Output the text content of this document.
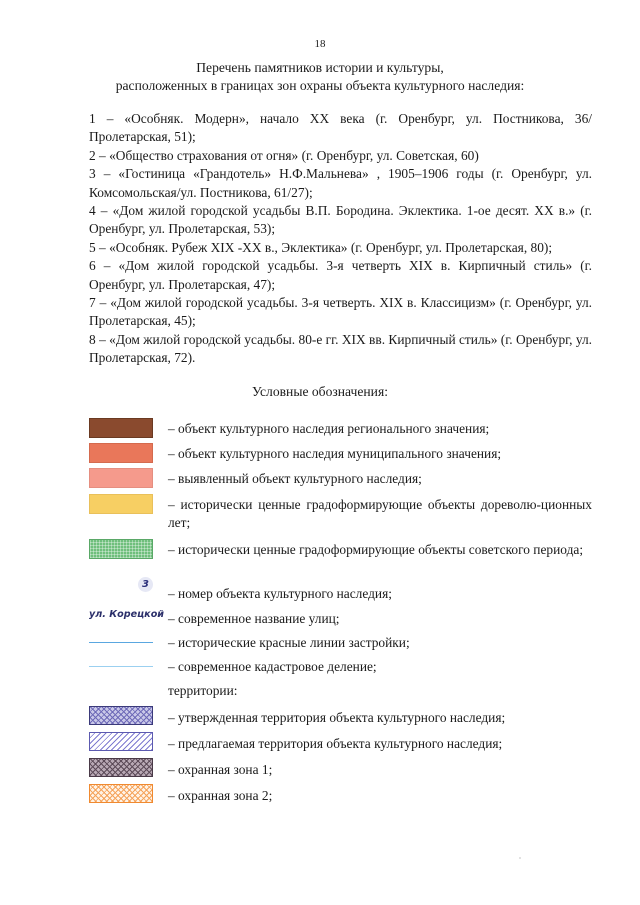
18
Перечень памятников истории и культуры,
расположенных в границах зон охраны объекта культурного наследия:

1 – «Особняк. Модерн», начало XX века (г. Оренбург, ул. Постникова, 36/ Пролетарская, 51);

2 – «Общество страхования от огня» (г. Оренбург, ул. Советская, 60)

3 – «Гостиница «Грандотель» Н.Ф.Мальнева» , 1905–1906 годы (г. Оренбург, ул. Комсомольская/ул. Постникова, 61/27);

4 – «Дом жилой городской усадьбы В.П. Бородина. Эклектика. 1-ое десят. XX в.» (г. Оренбург, ул. Пролетарская, 53);

5 – «Особняк. Рубеж XIX -XX в., Эклектика» (г. Оренбург, ул. Пролетарская, 80);

6 – «Дом жилой городской усадьбы. 3-я четверть XIX в. Кирпичный стиль» (г. Оренбург, ул. Пролетарская, 47);

7 – «Дом жилой городской усадьбы. 3-я четверть. XIX в. Классицизм» (г. Оренбург, ул. Пролетарская, 45);

8 – «Дом жилой городской усадьбы. 80-е гг. XIX вв. Кирпичный стиль» (г. Оренбург, ул. Пролетарская, 72).

Условные обозначения:
– объект культурного наследия регионального значения;
– объект культурного наследия муниципального значения;
– выявленный объект культурного наследия;
– исторически ценные градоформирующие объекты дореволю-ционных лет;
– исторически ценные градоформирующие объекты советского периода;
3
– номер объекта культурного наследия;
ул. Корецкой – современное название улиц;
– исторические красные линии застройки;
– современное кадастровое деление;
территории:
– утвержденная территория объекта культурного наследия;
– предлагаемая территория объекта культурного наследия;
– охранная зона 1;
– охранная зона 2;
